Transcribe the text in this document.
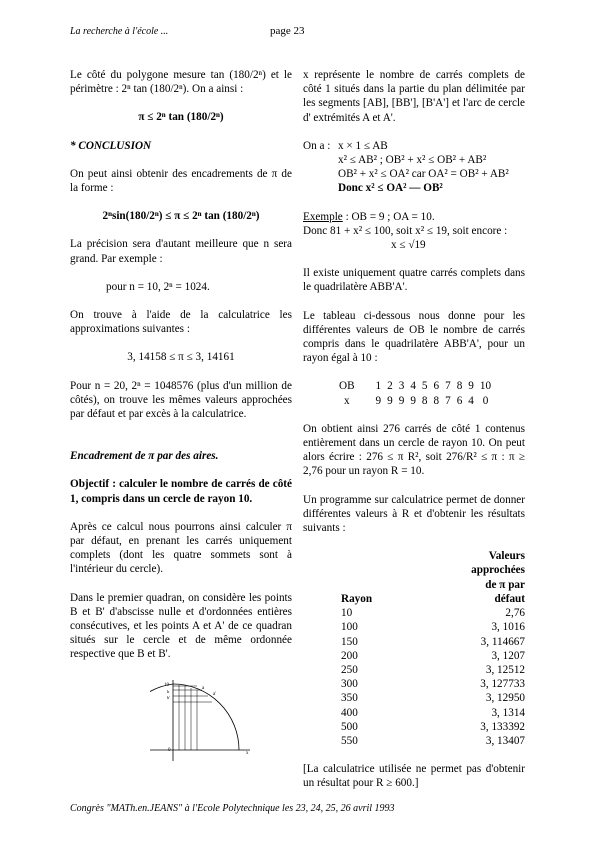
La recherche à l'école ...	page 23

Le côté du polygone mesure tan (180/2ⁿ) et le périmètre : 2ⁿ tan (180/2ⁿ). On a ainsi :

π ≤ 2ⁿ tan (180/2ⁿ)

* CONCLUSION

On peut ainsi obtenir des encadrements de π de la forme :

2ⁿsin(180/2ⁿ) ≤ π ≤ 2ⁿ tan (180/2ⁿ)

La précision sera d'autant meilleure que n sera grand. Par exemple :

pour n = 10, 2ⁿ = 1024.

On trouve à l'aide de la calculatrice les approximations suivantes :

3, 14158 ≤ π ≤ 3, 14161

Pour n = 20, 2ⁿ = 1048576 (plus d'un million de côtés), on trouve les mêmes valeurs approchées par défaut et par excès à la calculatrice.

Encadrement de π par des aires.

Objectif : calculer le nombre de carrés de côté 1, compris dans un cercle de rayon 10.

Après ce calcul nous pourrons ainsi calculer π par défaut, en prenant les carrés uniquement complets (dont les quatre sommets sont à l'intérieur du cercle).

Dans le premier quadran, on considère les points B et B' d'abscisse nulle et d'ordonnées entières consécutives, et les points A et A' de ce quadran situés sur le cercle et de même ordonnée respective que B et B'.

10
0
x
a
a'
b
b'

x représente le nombre de carrés complets de côté 1 situés dans la partie du plan délimitée par les segments [AB], [BB'], [B'A'] et l'arc de cercle d' extrémités A et A'.

On a : x × 1 ≤ AB
x² ≤ AB² ; OB² + x² ≤ OB² + AB²
OB² + x² ≤ OA² car OA² = OB² + AB²
Donc x² ≤ OA² — OB²

Exemple : OB = 9 ; OA = 10.

Donc 81 + x² ≤ 100, soit x² ≤ 19, soit encore :

x ≤ √19

Il existe uniquement quatre carrés complets dans le quadrilatère ABB'A'.

Le tableau ci-dessous nous donne pour les différentes valeurs de OB le nombre de carrés compris dans le quadrilatère ABB'A', pour un rayon égal à 10 :

OB	1	2	3	4	5	6	7	8	9	10
x	9	9	9	9	8	8	7	6	4	0

On obtient ainsi 276 carrés de côté 1 contenus entièrement dans un cercle de rayon 10. On peut alors écrire : 276 ≤ π R², soit 276/R² ≤ π : π ≥ 2,76 pour un rayon R = 10.

Un programme sur calculatrice permet de donner différentes valeurs à R et d'obtenir les résultats suivants :

Rayon	Valeurs approchées de π par défaut
10	2,76
100	3, 1016
150	3, 114667
200	3, 1207
250	3, 12512
300	3, 127733
350	3, 12950
400	3, 1314
500	3, 133392
550	3, 13407

[La calculatrice utilisée ne permet pas d'obtenir un résultat pour R ≥ 600.]

Congrès "MATh.en.JEANS" à l'Ecole Polytechnique les 23, 24, 25, 26 avril 1993
